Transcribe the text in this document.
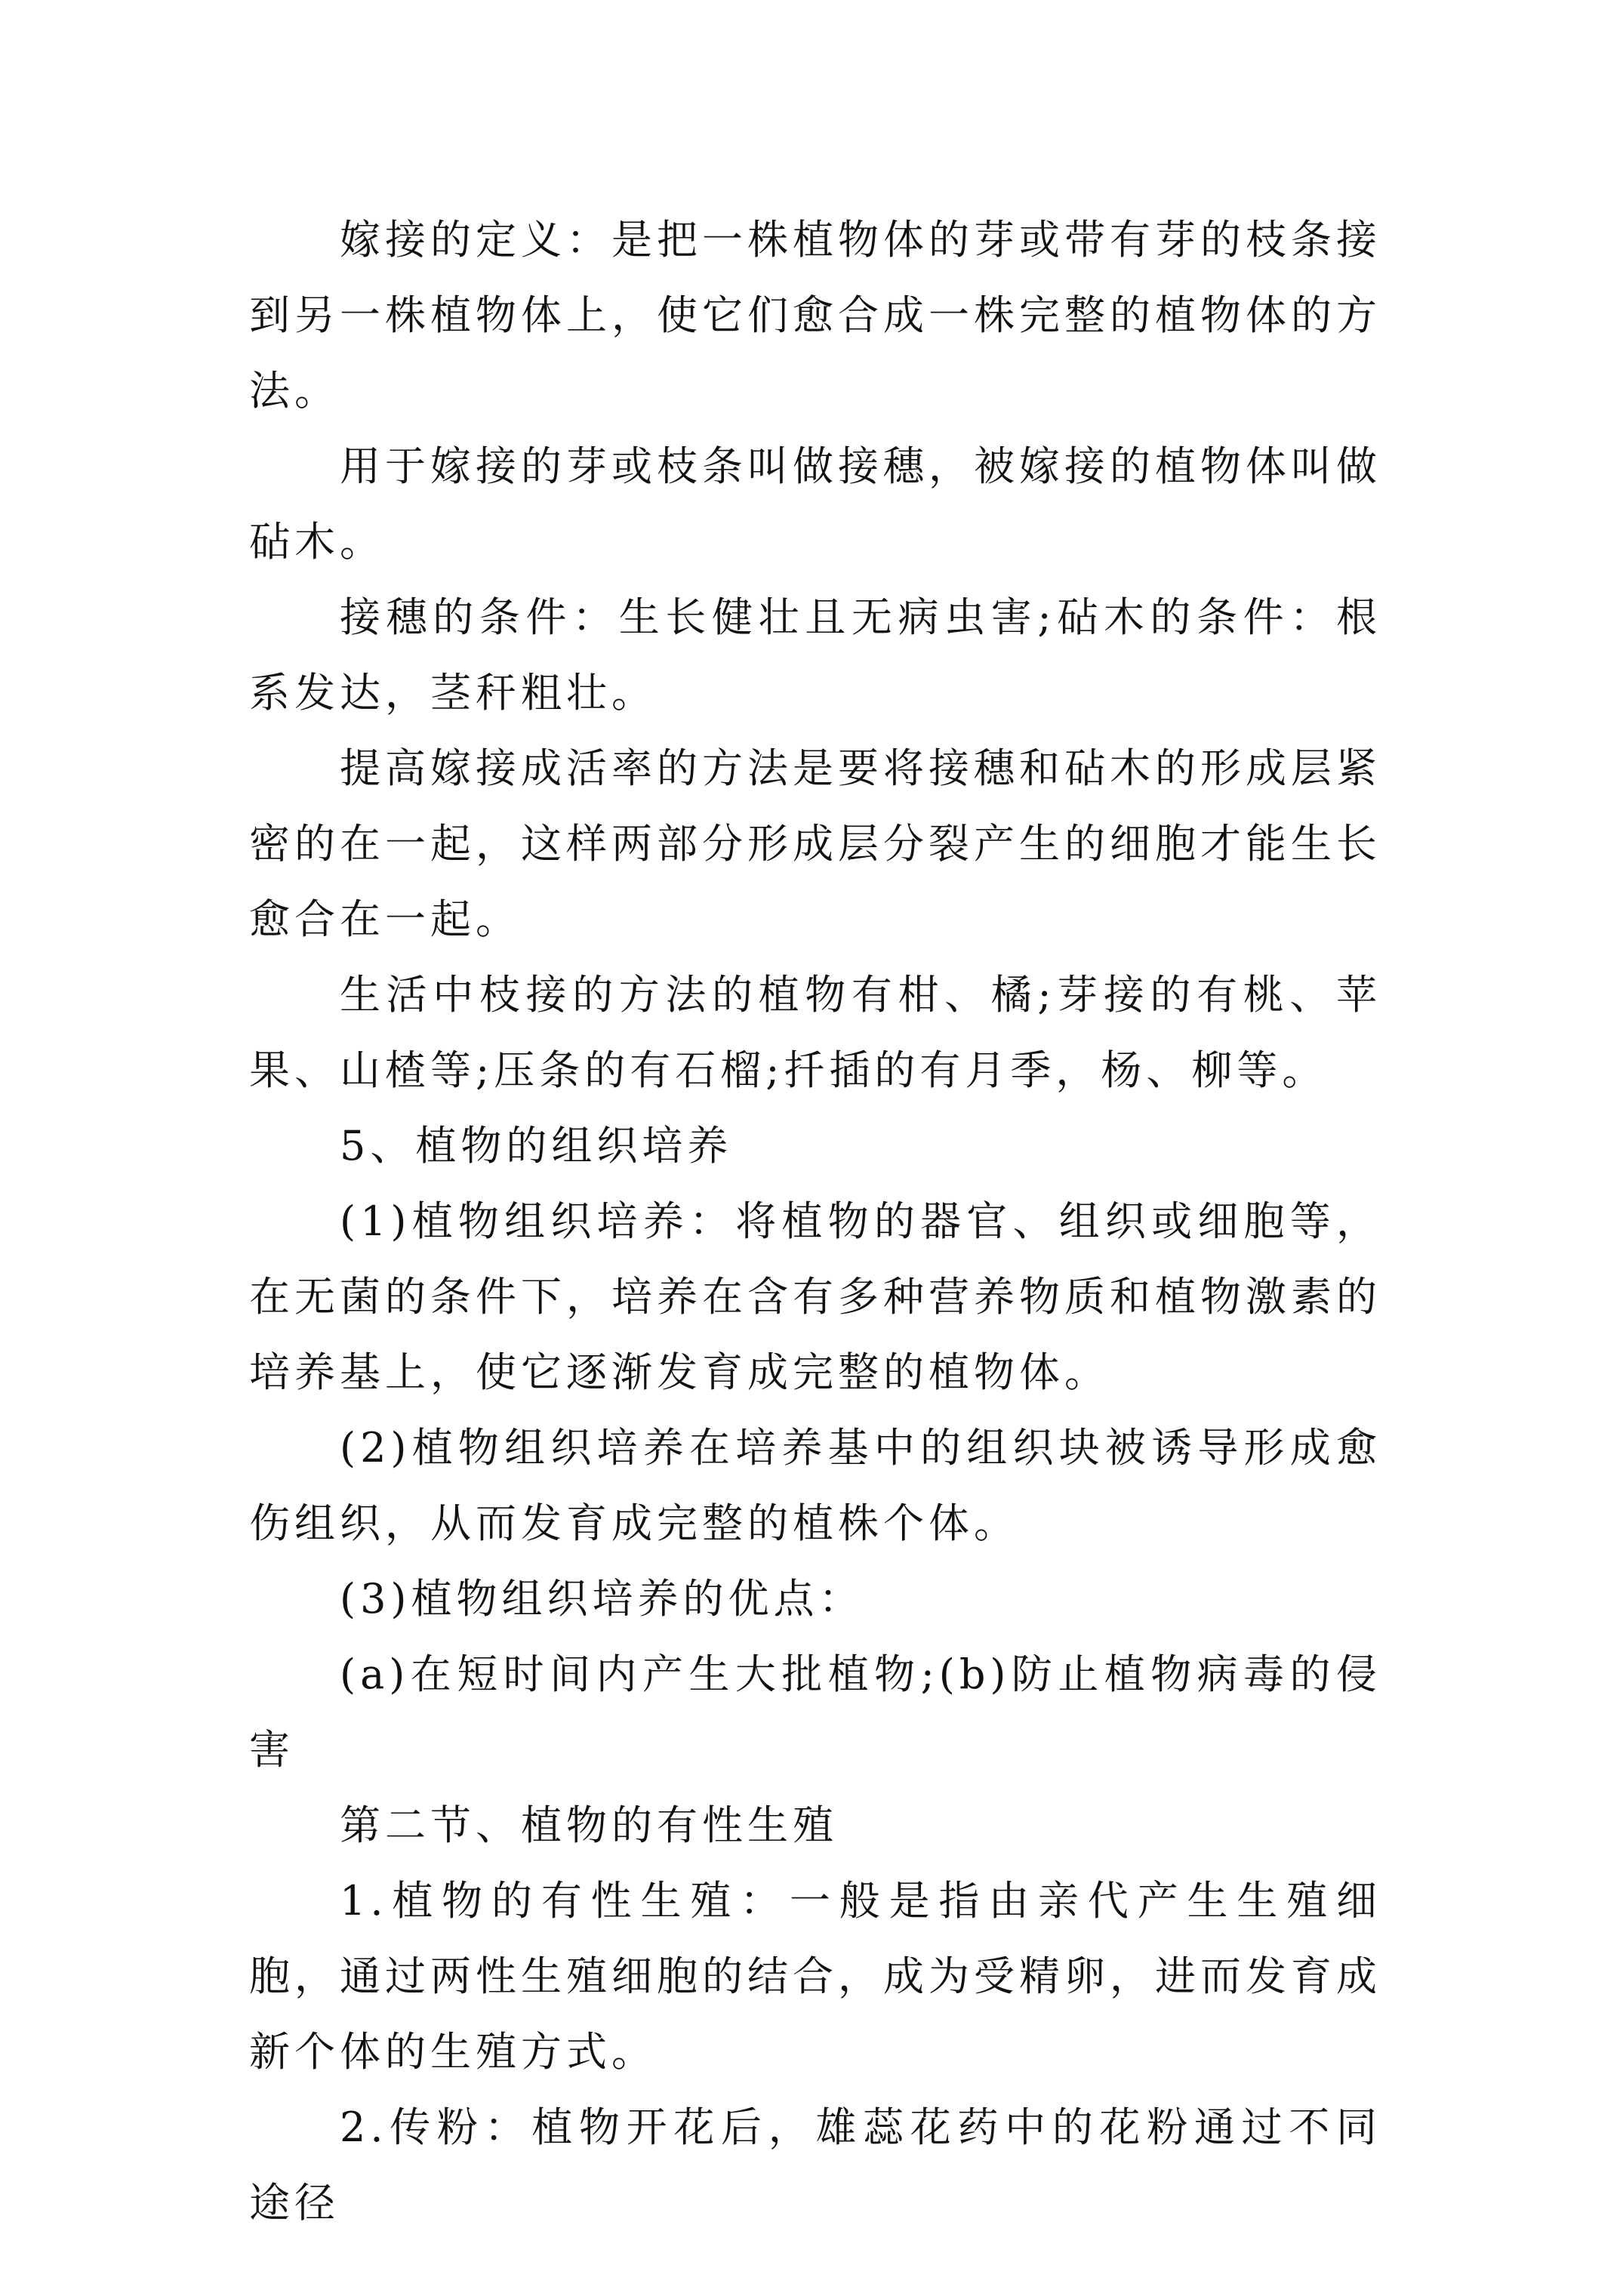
嫁接的定义：是把一株植物体的芽或带有芽的枝条接到另一株植物体上，使它们愈合成一株完整的植物体的方法。

用于嫁接的芽或枝条叫做接穗，被嫁接的植物体叫做砧木。

接穗的条件：生长健壮且无病虫害;砧木的条件：根系发达，茎秆粗壮。

提高嫁接成活率的方法是要将接穗和砧木的形成层紧密的在一起，这样两部分形成层分裂产生的细胞才能生长愈合在一起。

生活中枝接的方法的植物有柑、橘;芽接的有桃、苹果、山楂等;压条的有石榴;扦插的有月季，杨、柳等。

5、植物的组织培养

(1)植物组织培养：将植物的器官、组织或细胞等，在无菌的条件下，培养在含有多种营养物质和植物激素的培养基上，使它逐渐发育成完整的植物体。

(2)植物组织培养在培养基中的组织块被诱导形成愈伤组织，从而发育成完整的植株个体。

(3)植物组织培养的优点：

(a)在短时间内产生大批植物;(b)防止植物病毒的侵害

第二节、植物的有性生殖

1.植物的有性生殖：一般是指由亲代产生生殖细胞，通过两性生殖细胞的结合，成为受精卵，进而发育成新个体的生殖方式。

2.传粉：植物开花后，雄蕊花药中的花粉通过不同途径
